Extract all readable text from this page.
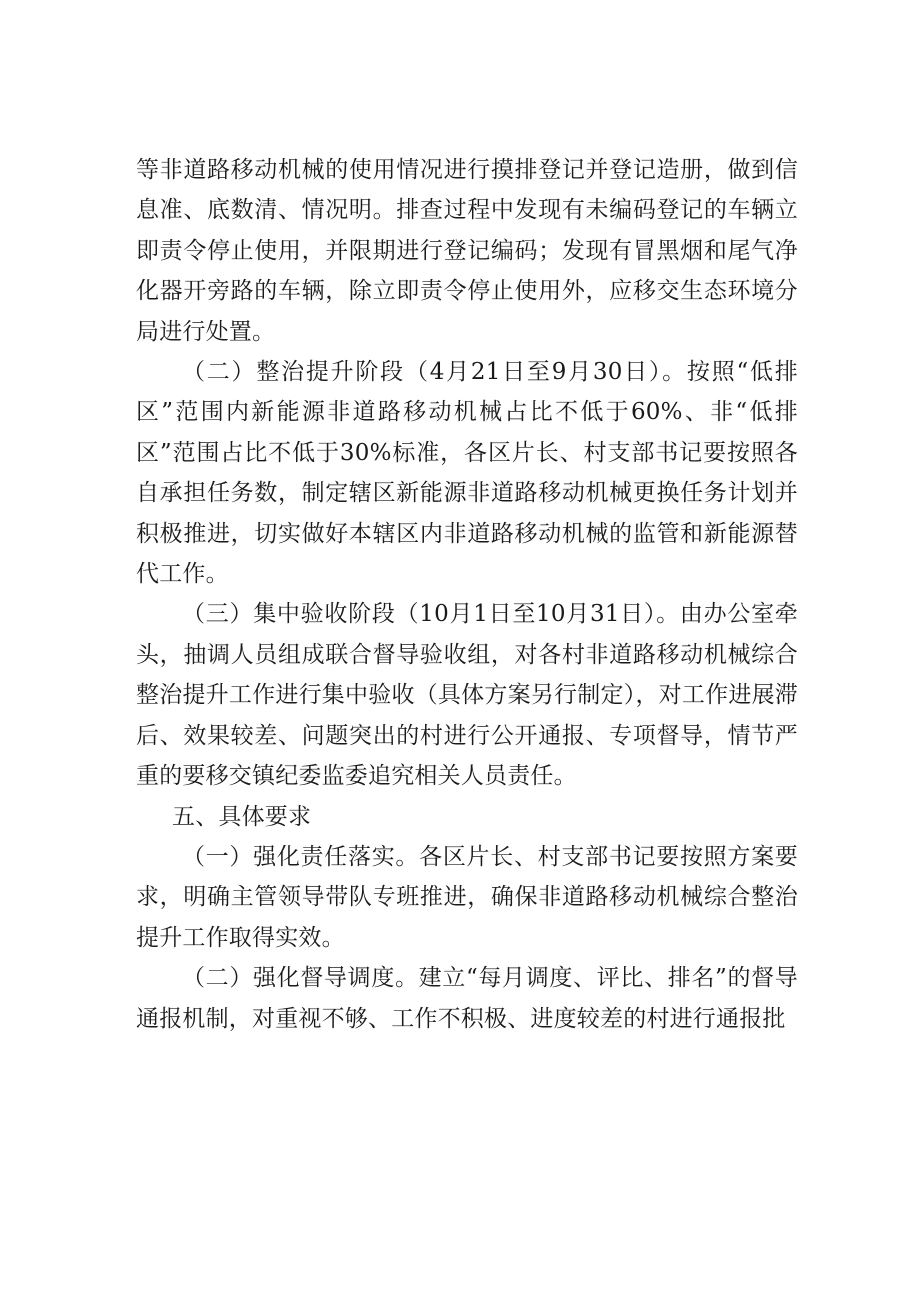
等非道路移动机械的使用情况进行摸排登记并登记造册，做到信息准、底数清、情况明。排查过程中发现有未编码登记的车辆立即责令停止使用，并限期进行登记编码；发现有冒黑烟和尾气净化器开旁路的车辆，除立即责令停止使用外，应移交生态环境分局进行处置。

（二）整治提升阶段（4月21日至9月30日）。按照“低排区”范围内新能源非道路移动机械占比不低于60%、非“低排区”范围占比不低于30%标准，各区片长、村支部书记要按照各自承担任务数，制定辖区新能源非道路移动机械更换任务计划并积极推进，切实做好本辖区内非道路移动机械的监管和新能源替代工作。

（三）集中验收阶段（10月1日至10月31日）。由办公室牵头，抽调人员组成联合督导验收组，对各村非道路移动机械综合整治提升工作进行集中验收（具体方案另行制定），对工作进展滞后、效果较差、问题突出的村进行公开通报、专项督导，情节严重的要移交镇纪委监委追究相关人员责任。

五、具体要求

（一）强化责任落实。各区片长、村支部书记要按照方案要求，明确主管领导带队专班推进，确保非道路移动机械综合整治提升工作取得实效。

（二）强化督导调度。建立“每月调度、评比、排名”的督导通报机制，对重视不够、工作不积极、进度较差的村进行通报批
